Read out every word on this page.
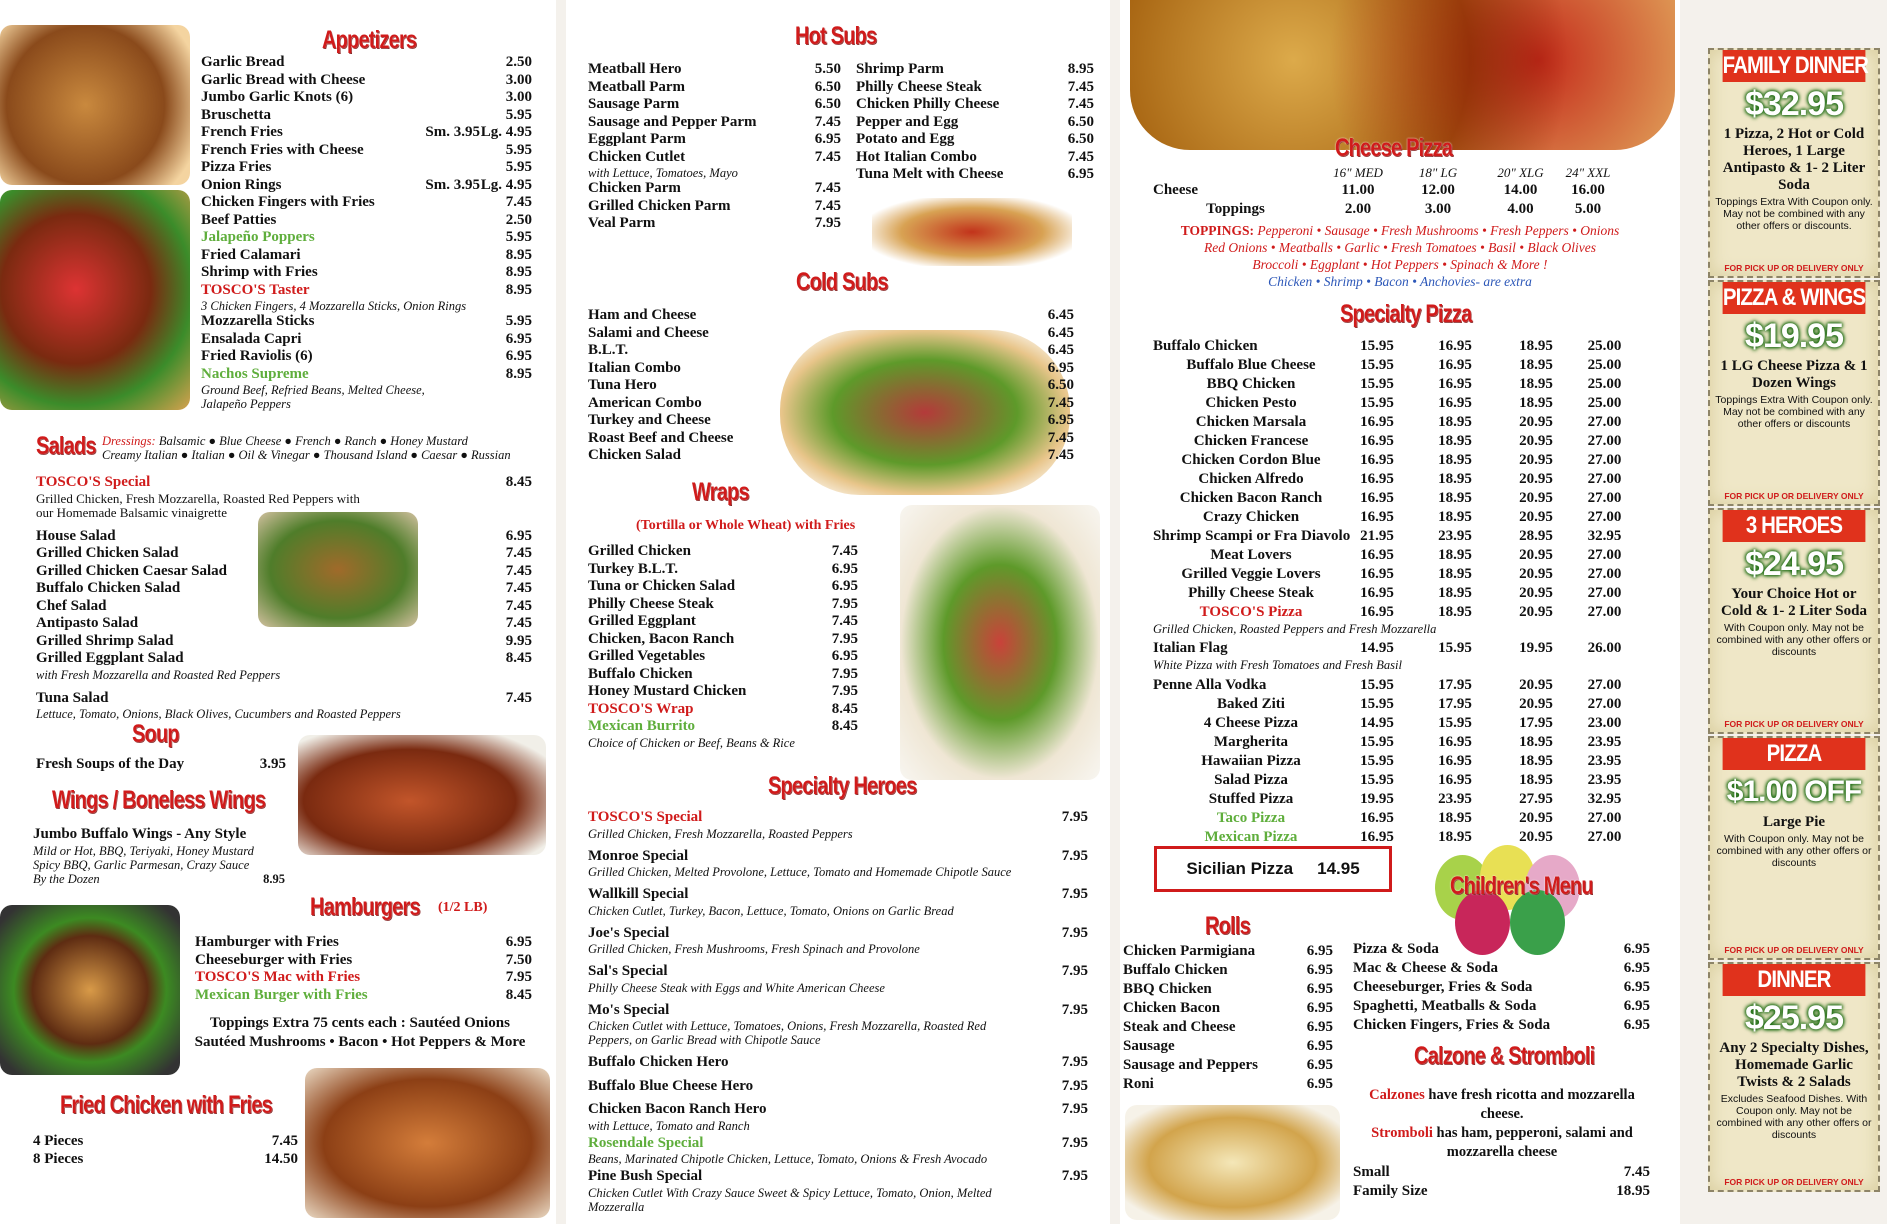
Appetizers
Garlic Bread	2.50
Garlic Bread with Cheese	3.00
Jumbo Garlic Knots (6)	3.00
Bruschetta	5.95
French Fries	Sm. 3.95 Lg. 4.95
French Fries with Cheese	5.95
Pizza Fries	5.95
Onion Rings	Sm. 3.95 Lg. 4.95
Chicken Fingers with Fries	7.45
Beef Patties	2.50
Jalapeño Poppers	5.95
Fried Calamari	8.95
Shrimp with Fries	8.95
TOSCO'S Taster	8.95
3 Chicken Fingers, 4 Mozzarella Sticks, Onion Rings
Mozzarella Sticks	5.95
Ensalada Capri	6.95
Fried Raviolis (6)	6.95
Nachos Supreme	8.95
Ground Beef, Refried Beans, Melted Cheese, Jalapeño Peppers
Salads Dressings: Balsamic ● Blue Cheese ● French ● Ranch ● Honey Mustard
Creamy Italian ● Italian ● Oil & Vinegar ● Thousand Island ● Caesar ● Russian
TOSCO'S Special	8.45
Grilled Chicken, Fresh Mozzarella, Roasted Red Peppers with our Homemade Balsamic vinaigrette
House Salad	6.95
Grilled Chicken Salad	7.45
Grilled Chicken Caesar Salad	7.45
Buffalo Chicken Salad	7.45
Chef Salad	7.45
Antipasto Salad	7.45
Grilled Shrimp Salad	9.95
Grilled Eggplant Salad	8.45
with Fresh Mozzarella and Roasted Red Peppers
Tuna Salad	7.45
Lettuce, Tomato, Onions, Black Olives, Cucumbers and Roasted Peppers
Soup
Fresh Soups of the Day	3.95
Wings / Boneless Wings
Jumbo Buffalo Wings - Any Style
Mild or Hot, BBQ, Teriyaki, Honey Mustard
Spicy BBQ, Garlic Parmesan, Crazy Sauce
By the Dozen	8.95
Hamburgers	(1/2 LB)
Hamburger with Fries	6.95
Cheeseburger with Fries	7.50
TOSCO'S Mac with Fries	7.95
Mexican Burger with Fries	8.45
Toppings Extra 75 cents each : Sautéed Onions
Sautéed Mushrooms • Bacon • Hot Peppers & More
Fried Chicken with Fries
4 Pieces	7.45
8 Pieces	14.50
Hot Subs
Meatball Hero	5.50
Meatball Parm	6.50
Sausage Parm	6.50
Sausage and Pepper Parm	7.45
Eggplant Parm	6.95
Chicken Cutlet	7.45
with Lettuce, Tomatoes, Mayo
Chicken Parm	7.45
Grilled Chicken Parm	7.45
Veal Parm	7.95
Shrimp Parm	8.95
Philly Cheese Steak	7.45
Chicken Philly Cheese	7.45
Pepper and Egg	6.50
Potato and Egg	6.50
Hot Italian Combo	7.45
Tuna Melt with Cheese	6.95
Cold Subs
Ham and Cheese	6.45
Salami and Cheese	6.45
B.L.T.	6.45
Italian Combo	6.95
Tuna Hero	6.50
American Combo	7.45
Turkey and Cheese	6.95
Roast Beef and Cheese	7.45
Chicken Salad	7.45
Wraps
(Tortilla or Whole Wheat) with Fries
Grilled Chicken	7.45
Turkey B.L.T.	6.95
Tuna or Chicken Salad	6.95
Philly Cheese Steak	7.95
Grilled Eggplant	7.45
Chicken, Bacon Ranch	7.95
Grilled Vegetables	6.95
Buffalo Chicken	7.95
Honey Mustard Chicken	7.95
TOSCO'S Wrap	8.45
Mexican Burrito	8.45
Choice of Chicken or Beef, Beans & Rice
Specialty Heroes
TOSCO'S Special	7.95
Grilled Chicken, Fresh Mozzarella, Roasted Peppers
Monroe Special	7.95
Grilled Chicken, Melted Provolone, Lettuce, Tomato and Homemade Chipotle Sauce
Wallkill Special	7.95
Chicken Cutlet, Turkey, Bacon, Lettuce, Tomato, Onions on Garlic Bread
Joe's Special	7.95
Grilled Chicken, Fresh Mushrooms, Fresh Spinach and Provolone
Sal's Special	7.95
Philly Cheese Steak with Eggs and White American Cheese
Mo's Special	7.95
Chicken Cutlet with Lettuce, Tomatoes, Onions, Fresh Mozzarella, Roasted Red Peppers, on Garlic Bread with Chipotle Sauce
Buffalo Chicken Hero	7.95
Buffalo Blue Cheese Hero	7.95
Chicken Bacon Ranch Hero	7.95
with Lettuce, Tomato and Ranch
Rosendale Special	7.95
Beans, Marinated Chipotle Chicken, Lettuce, Tomato, Onions & Fresh Avocado
Pine Bush Special	7.95
Chicken Cutlet With Crazy Sauce Sweet & Spicy Lettuce, Tomato, Onion, Melted Mozzeralla
Cheese Pizza
16" MED	18" LG	20" XLG	24" XXL
Cheese	11.00	12.00	14.00	16.00
Toppings	2.00	3.00	4.00	5.00
TOPPINGS: Pepperoni • Sausage • Fresh Mushrooms • Fresh Peppers • Onions
Red Onions • Meatballs • Garlic • Fresh Tomatoes • Basil • Black Olives
Broccoli • Eggplant • Hot Peppers • Spinach & More !
Chicken • Shrimp • Bacon • Anchovies- are extra
Specialty Pizza
Buffalo Chicken	15.95	16.95	18.95	25.00
Buffalo Blue Cheese	15.95	16.95	18.95	25.00
BBQ Chicken	15.95	16.95	18.95	25.00
Chicken Pesto	15.95	16.95	18.95	25.00
Chicken Marsala	16.95	18.95	20.95	27.00
Chicken Francese	16.95	18.95	20.95	27.00
Chicken Cordon Blue	16.95	18.95	20.95	27.00
Chicken Alfredo	16.95	18.95	20.95	27.00
Chicken Bacon Ranch	16.95	18.95	20.95	27.00
Crazy Chicken	16.95	18.95	20.95	27.00
Shrimp Scampi or Fra Diavolo 21.95	23.95	28.95	32.95
Meat Lovers	16.95	18.95	20.95	27.00
Grilled Veggie Lovers	16.95	18.95	20.95	27.00
Philly Cheese Steak	16.95	18.95	20.95	27.00
TOSCO'S Pizza	16.95	18.95	20.95	27.00
Grilled Chicken, Roasted Peppers and Fresh Mozzarella
Italian Flag	14.95	15.95	19.95	26.00
White Pizza with Fresh Tomatoes and Fresh Basil
Penne Alla Vodka	15.95	17.95	20.95	27.00
Baked Ziti	15.95	17.95	20.95	27.00
4 Cheese Pizza	14.95	15.95	17.95	23.00
Margherita	15.95	16.95	18.95	23.95
Hawaiian Pizza	15.95	16.95	18.95	23.95
Salad Pizza	15.95	16.95	18.95	23.95
Stuffed Pizza	19.95	23.95	27.95	32.95
Taco Pizza	16.95	18.95	20.95	27.00
Mexican Pizza	16.95	18.95	20.95	27.00
Sicilian Pizza 14.95
Children's Menu
Rolls
Chicken Parmigiana	6.95
Buffalo Chicken	6.95
BBQ Chicken	6.95
Chicken Bacon	6.95
Steak and Cheese	6.95
Sausage	6.95
Sausage and Peppers	6.95
Roni	6.95
Pizza & Soda	6.95
Mac & Cheese & Soda	6.95
Cheeseburger, Fries & Soda	6.95
Spaghetti, Meatballs & Soda	6.95
Chicken Fingers, Fries & Soda	6.95
Calzone & Stromboli
Calzones have fresh ricotta and mozzarella cheese.
Stromboli has ham, pepperoni, salami and mozzarella cheese
Small	7.45
Family Size	18.95
FAMILY DINNER
$32.95
1 Pizza, 2 Hot or Cold Heroes, 1 Large Antipasto & 1- 2 Liter Soda
Toppings Extra With Coupon only. May not be combined with any other offers or discounts.
FOR PICK UP OR DELIVERY ONLY
PIZZA & WINGS
$19.95
1 LG Cheese Pizza & 1 Dozen Wings
Toppings Extra With Coupon only. May not be combined with any other offers or discounts
FOR PICK UP OR DELIVERY ONLY
3 HEROES
$24.95
Your Choice Hot or Cold & 1- 2 Liter Soda
With Coupon only. May not be combined with any other offers or discounts
FOR PICK UP OR DELIVERY ONLY
PIZZA
$1.00 OFF
Large Pie
With Coupon only. May not be combined with any other offers or discounts
FOR PICK UP OR DELIVERY ONLY
DINNER
$25.95
Any 2 Specialty Dishes, Homemade Garlic Twists & 2 Salads
Excludes Seafood Dishes. With Coupon only. May not be combined with any other offers or discounts
FOR PICK UP OR DELIVERY ONLY
